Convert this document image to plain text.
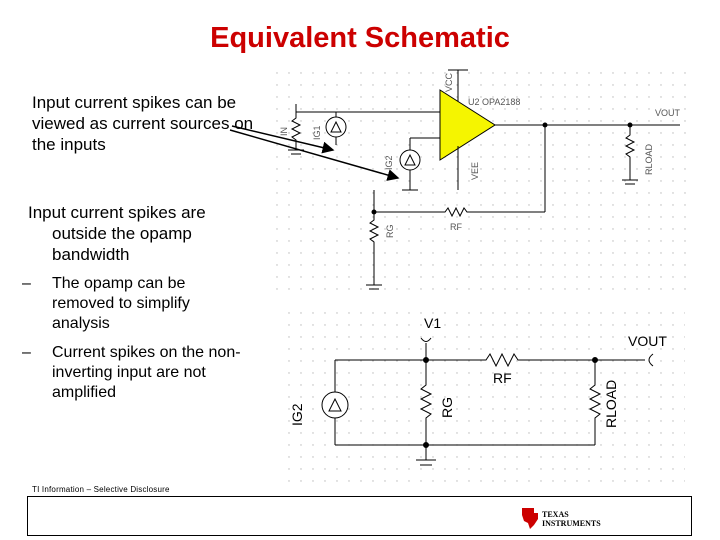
Equivalent Schematic
Input current spikes can be viewed as current sources on the inputs
Input current spikes are
outside the opamp bandwidth
– The opamp can be removed to simplify analysis
– Current spikes on the non-inverting input are not amplified
VCC
U2 OPA2188
VOUT
RLOAD
IN	IG1
IG2	VEE
RG	RF
V1
VOUT
RF
IG2	RG	RLOAD
TI Information – Selective Disclosure
TEXAS
INSTRUMENTS
